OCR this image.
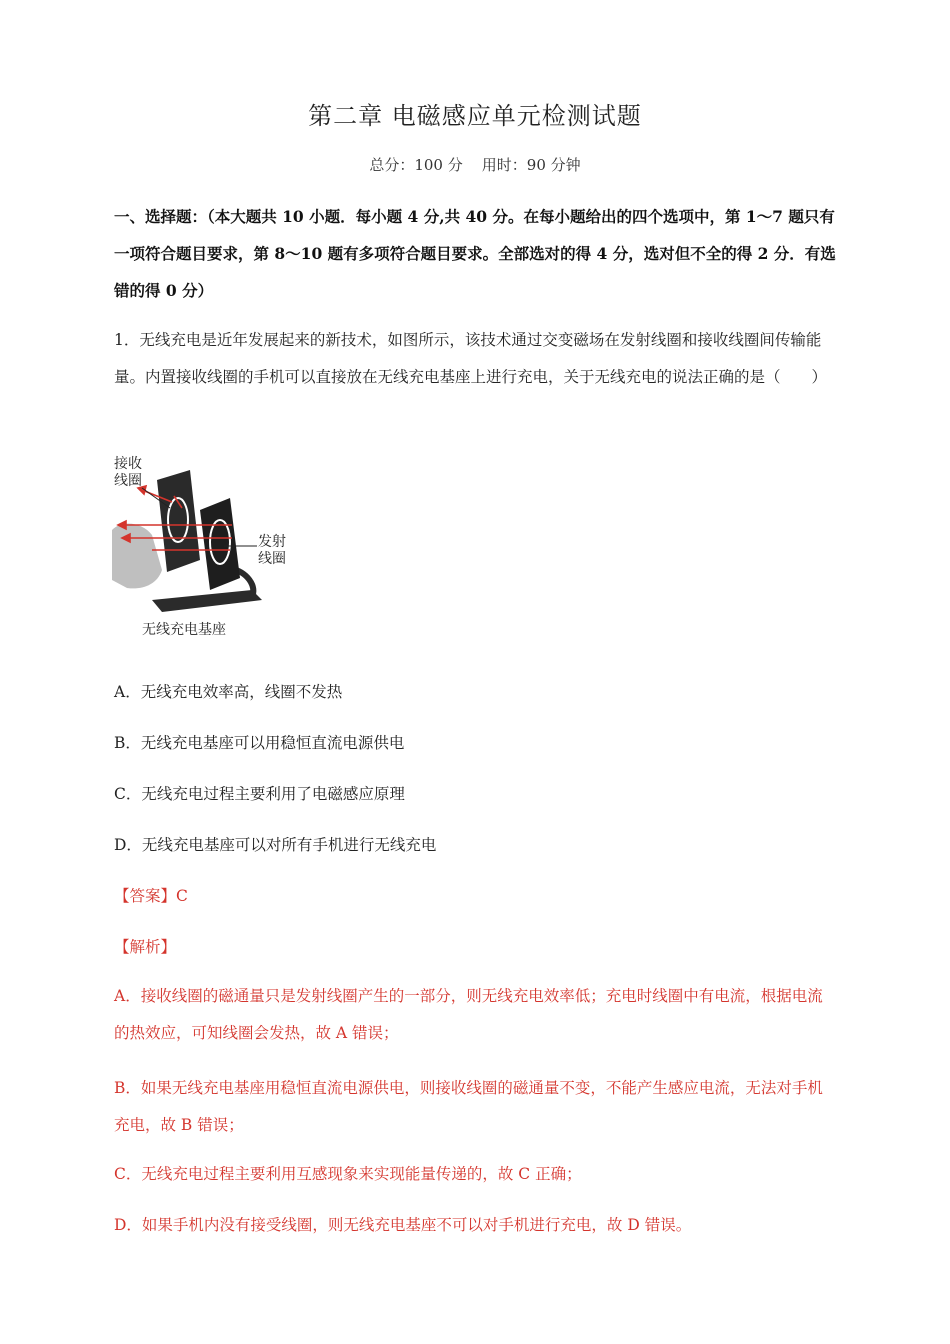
第二章 电磁感应单元检测试题
总分：100 分    用时：90 分钟

一、选择题：（本大题共 10 小题．每小题 4 分,共 40 分。在每小题给出的四个选项中，第 1～7 题只有一项符合题目要求，第 8～10 题有多项符合题目要求。全部选对的得 4 分，选对但不全的得 2 分．有选错的得 0 分）

1．无线充电是近年发展起来的新技术，如图所示，该技术通过交变磁场在发射线圈和接收线圈间传输能量。内置接收线圈的手机可以直接放在无线充电基座上进行充电，关于无线充电的说法正确的是（　　）

接收
线圈
发射
线圈
无线充电基座
A．无线充电效率高，线圈不发热
B．无线充电基座可以用稳恒直流电源供电
C．无线充电过程主要利用了电磁感应原理
D．无线充电基座可以对所有手机进行无线充电
【答案】C
【解析】

A．接收线圈的磁通量只是发射线圈产生的一部分，则无线充电效率低；充电时线圈中有电流，根据电流的热效应，可知线圈会发热，故 A 错误；

B．如果无线充电基座用稳恒直流电源供电，则接收线圈的磁通量不变，不能产生感应电流，无法对手机充电，故 B 错误；

C．无线充电过程主要利用互感现象来实现能量传递的，故 C 正确；
D．如果手机内没有接受线圈，则无线充电基座不可以对手机进行充电，故 D 错误。
